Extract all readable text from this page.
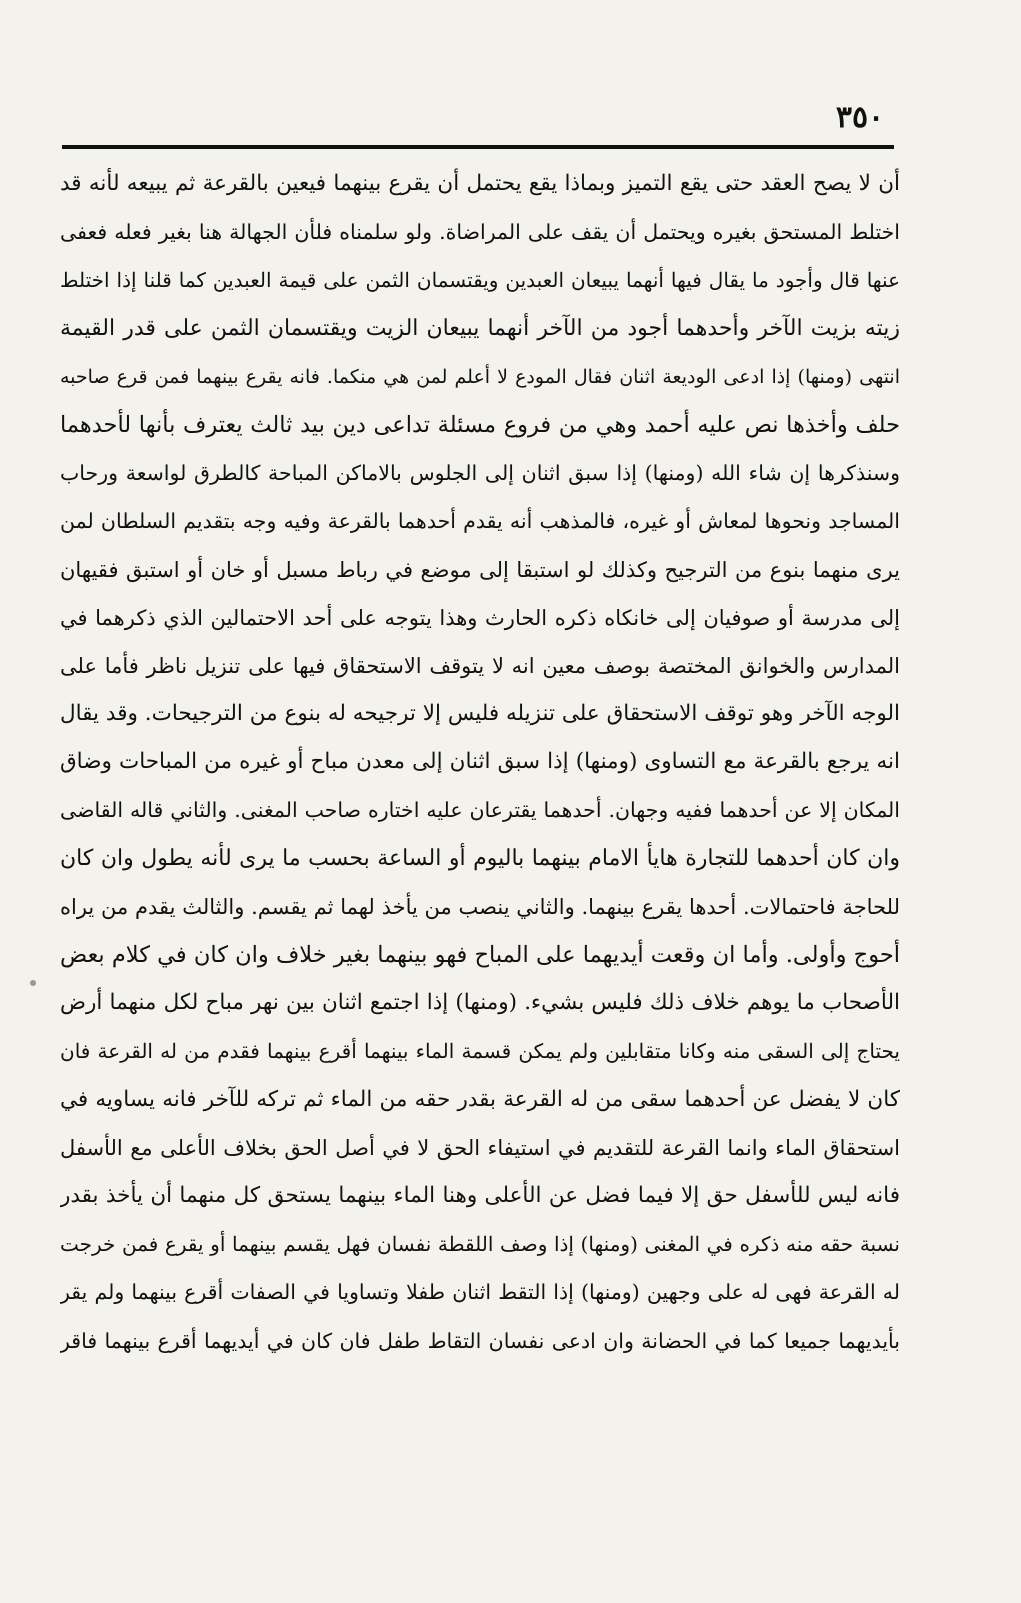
٣٥٠
أن لا يصح العقد حتى يقع التميز وبماذا يقع يحتمل أن يقرع بينهما فيعين بالقرعة ثم يبيعه لأنه قد
اختلط المستحق بغيره ويحتمل أن يقف على المراضاة. ولو سلمناه فلأن الجهالة هنا بغير فعله فعفى
عنها قال وأجود ما يقال فيها أنهما يبيعان العبدين ويقتسمان الثمن على قيمة العبدين كما قلنا إذا اختلط
زيته بزيت الآخر وأحدهما أجود من الآخر أنهما يبيعان الزيت ويقتسمان الثمن على قدر القيمة
انتهى (ومنها) إذا ادعى الوديعة اثنان فقال المودع لا أعلم لمن هي منكما. فانه يقرع بينهما فمن قرع صاحبه
حلف وأخذها نص عليه أحمد وهي من فروع مسئلة تداعى دين بيد ثالث يعترف بأنها لأحدهما
وسنذكرها إن شاء الله (ومنها) إذا سبق اثنان إلى الجلوس بالاماكن المباحة كالطرق لواسعة ورحاب
المساجد ونحوها لمعاش أو غيره، فالمذهب أنه يقدم أحدهما بالقرعة وفيه وجه بتقديم السلطان لمن
يرى منهما بنوع من الترجيح وكذلك لو استبقا إلى موضع في رباط مسبل أو خان أو استبق فقيهان
إلى مدرسة أو صوفيان إلى خانكاه ذكره الحارث وهذا يتوجه على أحد الاحتمالين الذي ذكرهما في
المدارس والخوانق المختصة بوصف معين انه لا يتوقف الاستحقاق فيها على تنزيل ناظر فأما على
الوجه الآخر وهو توقف الاستحقاق على تنزيله فليس إلا ترجيحه له بنوع من الترجيحات. وقد يقال
انه يرجع بالقرعة مع التساوى (ومنها) إذا سبق اثنان إلى معدن مباح أو غيره من المباحات وضاق
المكان إلا عن أحدهما ففيه وجهان. أحدهما يقترعان عليه اختاره صاحب المغنى. والثاني قاله القاضى
وان كان أحدهما للتجارة هايأ الامام بينهما باليوم أو الساعة بحسب ما يرى لأنه يطول وان كان
للحاجة فاحتمالات. أحدها يقرع بينهما. والثاني ينصب من يأخذ لهما ثم يقسم. والثالث يقدم من يراه
أحوج وأولى. وأما ان وقعت أيديهما على المباح فهو بينهما بغير خلاف وان كان في كلام بعض
الأصحاب ما يوهم خلاف ذلك فليس بشيء. (ومنها) إذا اجتمع اثنان بين نهر مباح لكل منهما أرض
يحتاج إلى السقى منه وكانا متقابلين ولم يمكن قسمة الماء بينهما أقرع بينهما فقدم من له القرعة فان
كان لا يفضل عن أحدهما سقى من له القرعة بقدر حقه من الماء ثم تركه للآخر فانه يساويه في
استحقاق الماء وانما القرعة للتقديم في استيفاء الحق لا في أصل الحق بخلاف الأعلى مع الأسفل
فانه ليس للأسفل حق إلا فيما فضل عن الأعلى وهنا الماء بينهما يستحق كل منهما أن يأخذ بقدر
نسبة حقه منه ذكره في المغنى (ومنها) إذا وصف اللقطة نفسان فهل يقسم بينهما أو يقرع فمن خرجت
له القرعة فهى له على وجهين (ومنها) إذا التقط اثنان طفلا وتساويا في الصفات أقرع بينهما ولم يقر
بأيديهما جميعا كما في الحضانة وان ادعى نفسان التقاط طفل فان كان في أيديهما أقرع بينهما فاقر
